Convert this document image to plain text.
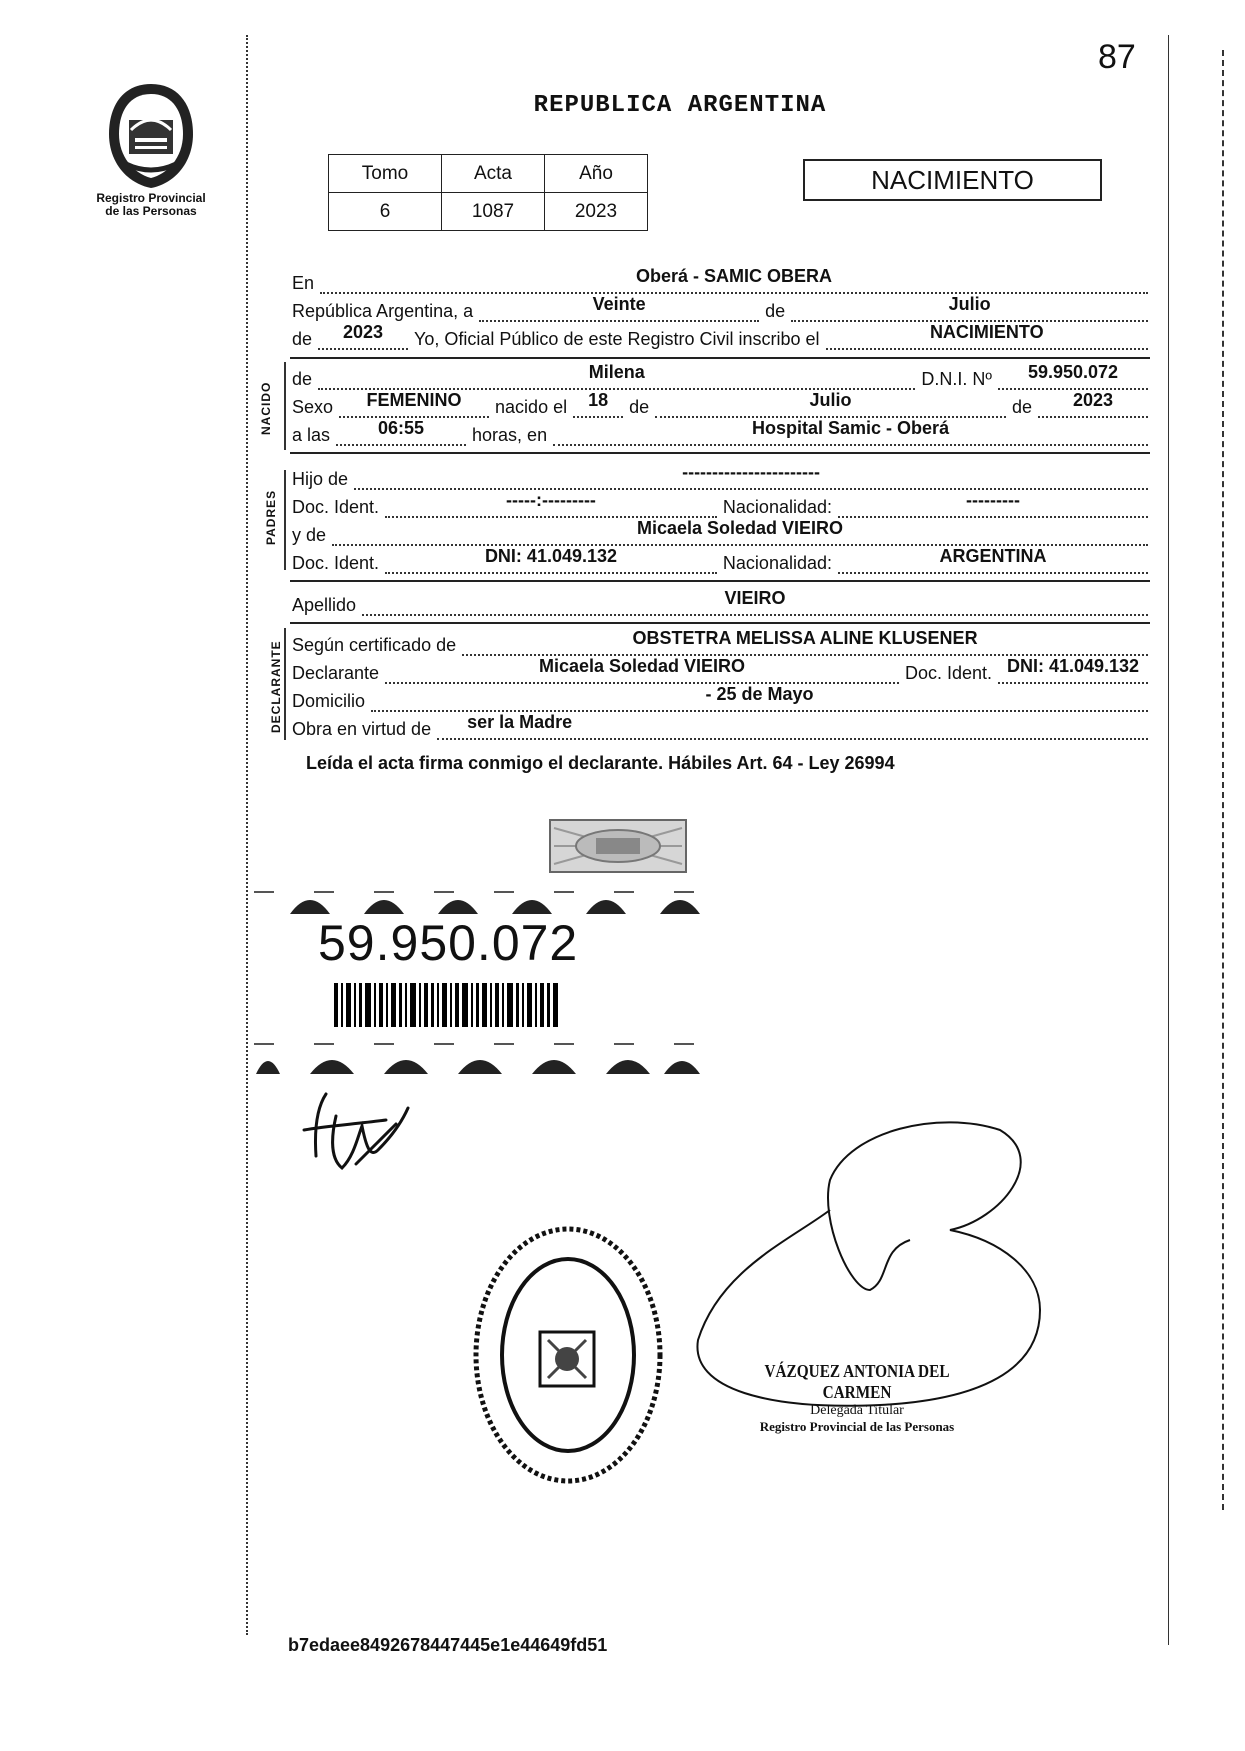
87
Registro Provincial
de las Personas
REPUBLICA ARGENTINA
Tomo	Acta	Año
6	1087	2023
NACIMIENTO
En	Oberá - SAMIC OBERA
República Argentina, a	Veinte	de	Julio
de	2023	Yo, Oficial Público de este Registro Civil inscribo el	NACIMIENTO
NACIDO
de	Milena	D.N.I. Nº	59.950.072
Sexo	FEMENINO	nacido el	18	de	Julio	de	2023
a las	06:55	horas, en	Hospital Samic - Oberá
PADRES
Hijo de	-----------------------
Doc. Ident.	-----:---------	Nacionalidad:	---------
y de	Micaela Soledad VIEIRO
Doc. Ident.	DNI: 41.049.132	Nacionalidad:	ARGENTINA
Apellido	VIEIRO
DECLARANTE Según certificado de	OBSTETRA MELISSA ALINE KLUSENER
Declarante	Micaela Soledad VIEIRO	Doc. Ident. DNI: 41.049.132
Domicilio	- 25 de Mayo
Obra en virtud de	ser la Madre
Leída el acta firma conmigo el declarante. Hábiles Art. 64 - Ley 26994
59.950.072
VÁZQUEZ ANTONIA DEL CARMEN
Delegada Titular
Registro Provincial de las Personas
b7edaee8492678447445e1e44649fd51
